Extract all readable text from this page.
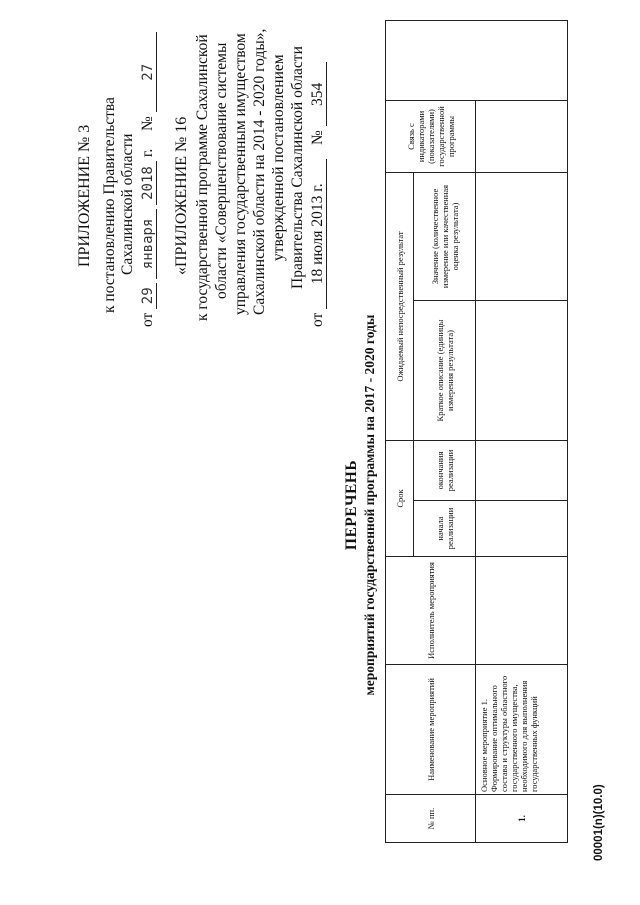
ПРИЛОЖЕНИЕ № 3 к постановлению Правительства Сахалинской области
от 29 января 2018 г.  № 27
«ПРИЛОЖЕНИЕ № 16 к государственной программе Сахалинской области «Совершенствование системы управления государственным имуществом Сахалинской области на 2014 - 2020 годы», утвержденной постановлением Правительства Сахалинской области
от 18 июля 2013 г.  № 354
ПЕРЕЧЕНЬ мероприятий государственной программы на 2017 - 2020 годы
№ пп.	Наименование мероприятий	Исполнитель мероприятия	Срок		Ожидаемый непосредственный результат		Связь с индикаторами (показателями) государственной программы	
			начала реализации	окончания реализации	Краткое описание (единицы измерения результата)	Значение (количественное измерение или качественная оценка результата)		
1.	Основное мероприятие 1. Формирование оптимального состава и структуры областного государственного имущества, необходимого для выполнения государственных функций							
00001(n)(10.0)
